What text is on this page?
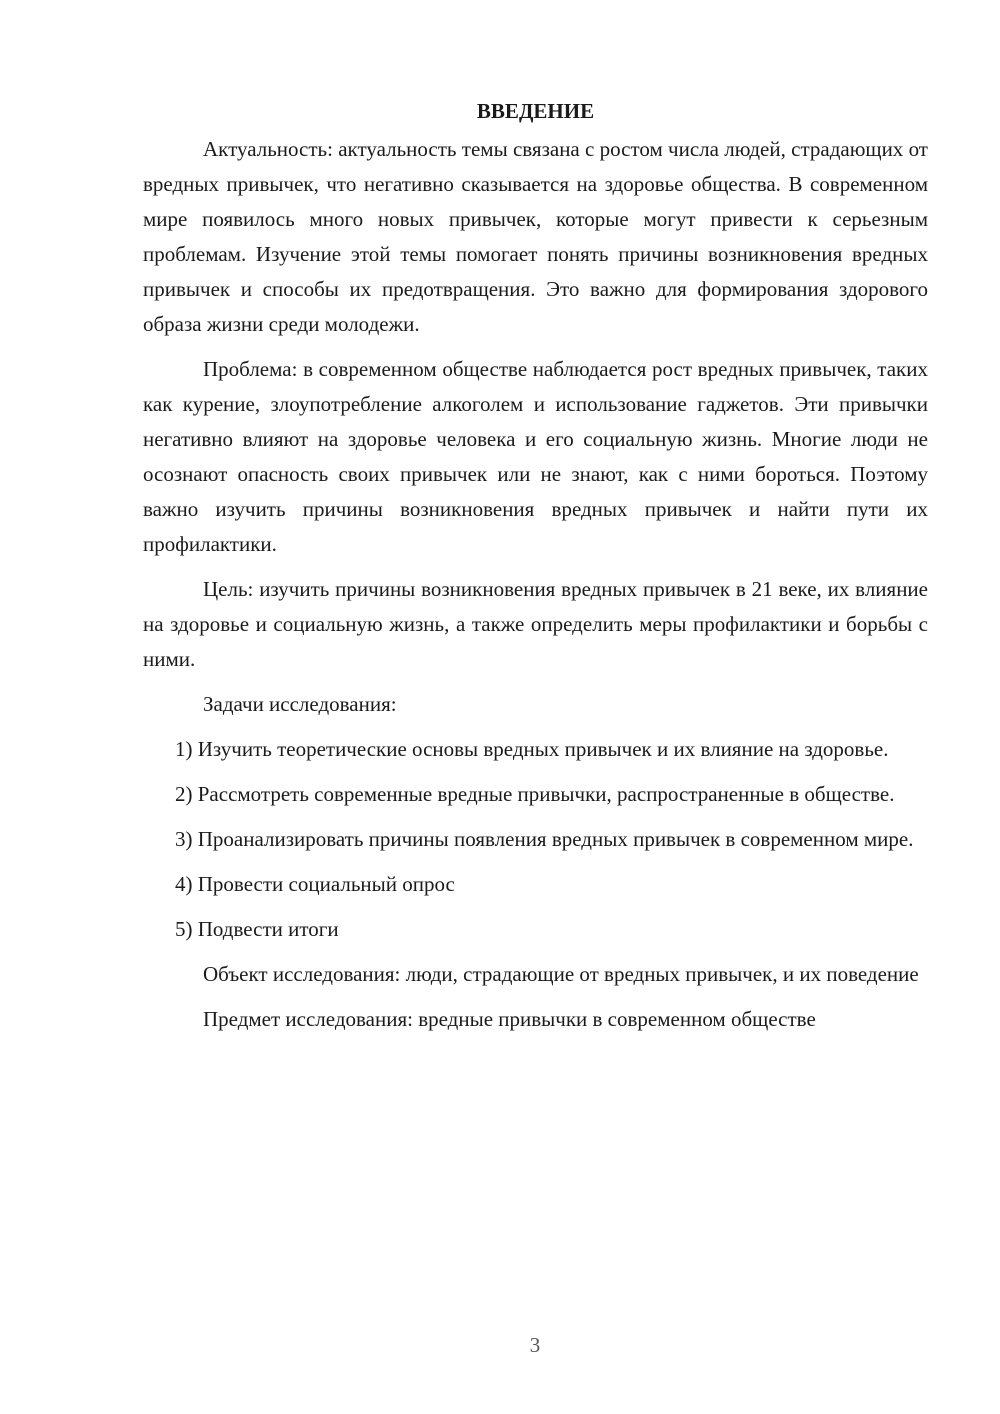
ВВЕДЕНИЕ

Актуальность: актуальность темы связана с ростом числа людей, страдающих от вредных привычек, что негативно сказывается на здоровье общества. В современном мире появилось много новых привычек, которые могут привести к серьезным проблемам. Изучение этой темы помогает понять причины возникновения вредных привычек и способы их предотвращения. Это важно для формирования здорового образа жизни среди молодежи.

Проблема: в современном обществе наблюдается рост вредных привычек, таких как курение, злоупотребление алкоголем и использование гаджетов. Эти привычки негативно влияют на здоровье человека и его социальную жизнь. Многие люди не осознают опасность своих привычек или не знают, как с ними бороться. Поэтому важно изучить причины возникновения вредных привычек и найти пути их профилактики.

Цель: изучить причины возникновения вредных привычек в 21 веке, их влияние на здоровье и социальную жизнь, а также определить меры профилактики и борьбы с ними.

Задачи исследования:

1) Изучить теоретические основы вредных привычек и их влияние на здоровье.

2) Рассмотреть современные вредные привычки, распространенные в обществе.

3) Проанализировать причины появления вредных привычек в современном мире.

4) Провести социальный опрос

5) Подвести итоги

Объект исследования: люди, страдающие от вредных привычек, и их поведение

Предмет исследования: вредные привычки в современном обществе

3
